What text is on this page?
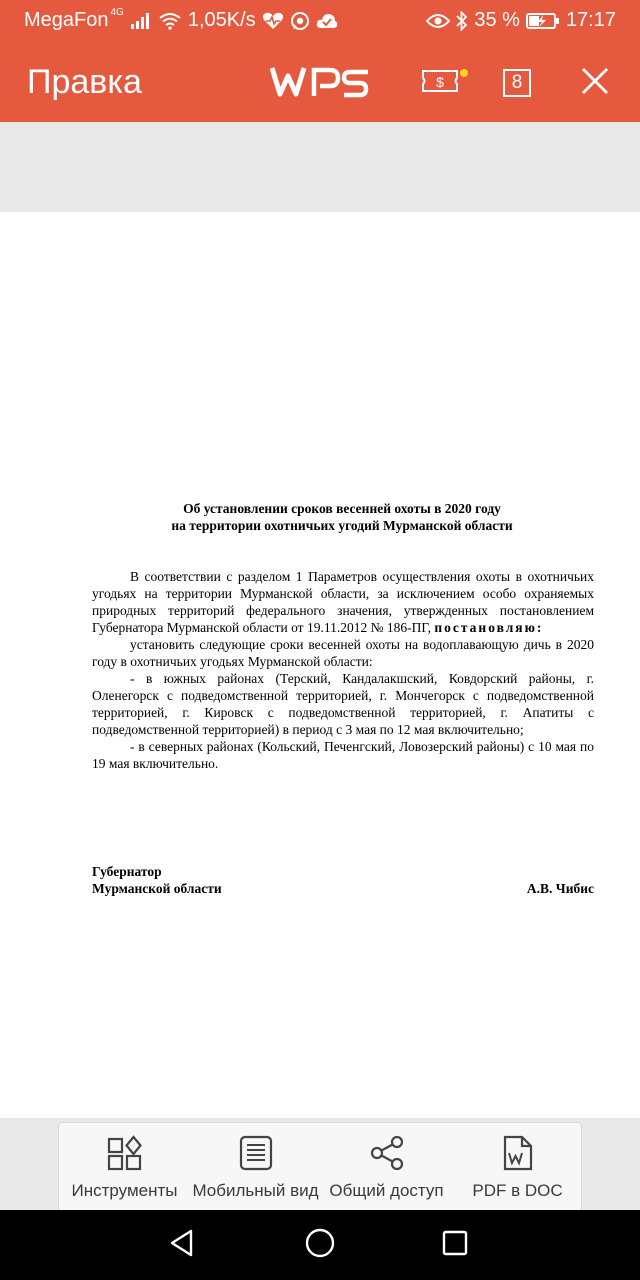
MegaFon 4G	1,05K/s	35 % 17:17
Правка	$	8
Об установлении сроков весенней охоты в 2020 году
на территории охотничьих угодий Мурманской области

В соответствии с разделом 1 Параметров осуществления охоты в охотничьих угодьях на территории Мурманской области, за исключением особо охраняемых природных территорий федерального значения, утвержденных постановлением Губернатора Мурманской области от 19.11.2012 № 186-ПГ, постановляю:

установить следующие сроки весенней охоты на водоплавающую дичь в 2020 году в охотничьих угодьях Мурманской области:

- в южных районах (Терский, Кандалакшский, Ковдорский районы, г. Оленегорск с подведомственной территорией, г. Мончегорск с подведомственной территорией, г. Кировск с подведомственной территорией, г. Апатиты с подведомственной территорией) в период с 3 мая по 12 мая включительно;

- в северных районах (Кольский, Печенгский, Ловозерский районы) с 10 мая по 19 мая включительно.

Губернатор
Мурманской области	А.В. Чибис
Инструменты Мобильный вид Общий доступ	PDF в DOC
